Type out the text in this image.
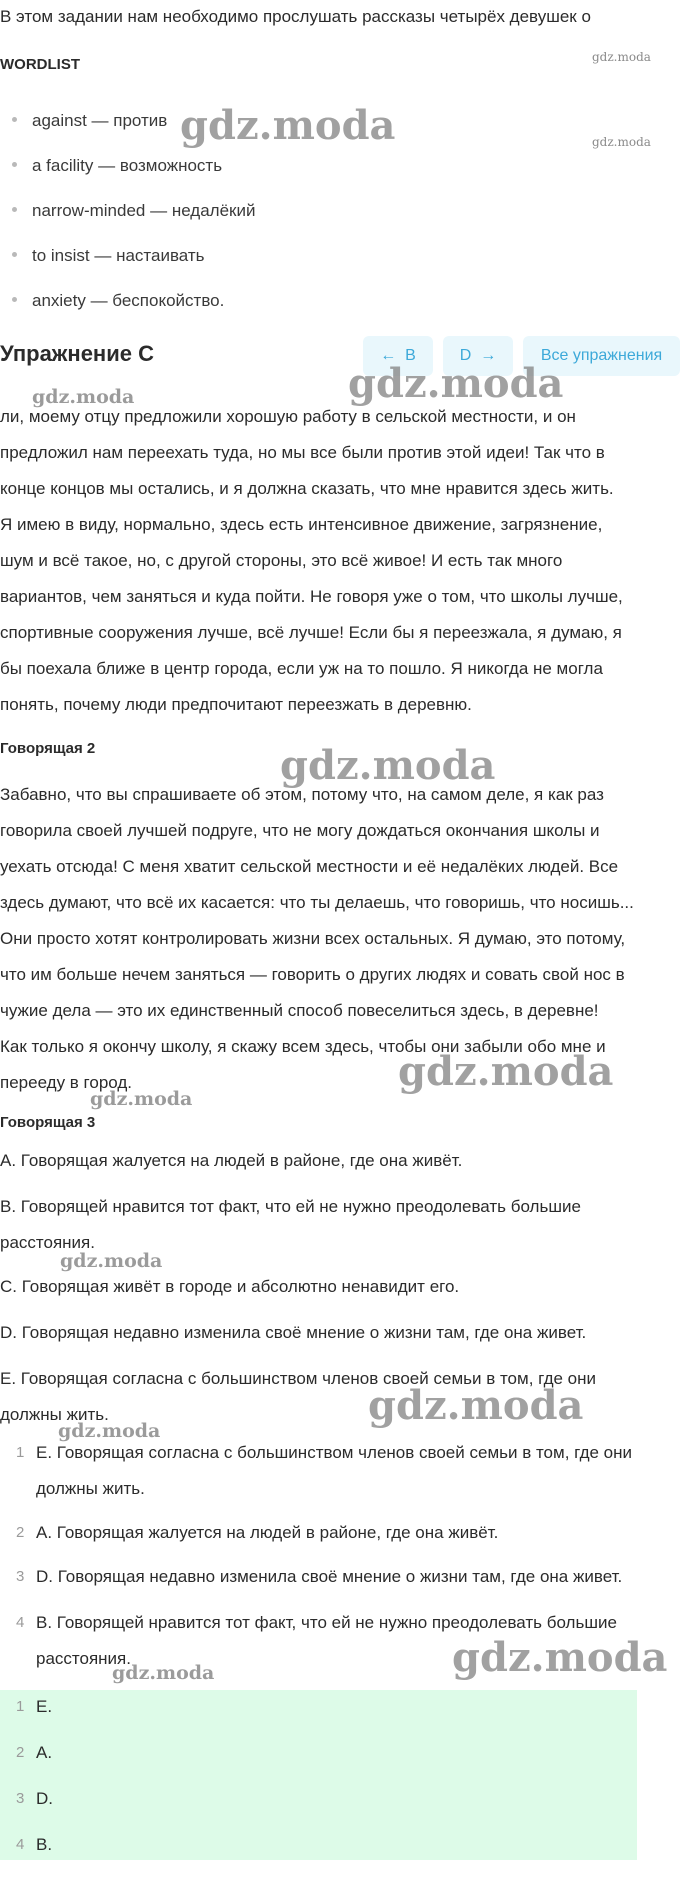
В этом задании нам необходимо прослушать рассказы четырёх девушек о
WORDLIST
against — против
a facility — возможность
narrow-minded — недалёкий
to insist — настаивать
anxiety — беспокойство.
Упражнение C	← B	D →	Все упражнения
ли, моему отцу предложили хорошую работу в сельской местности, и он
предложил нам переехать туда, но мы все были против этой идеи! Так что в
конце концов мы остались, и я должна сказать, что мне нравится здесь жить.
Я имею в виду, нормально, здесь есть интенсивное движение, загрязнение,
шум и всё такое, но, с другой стороны, это всё живое! И есть так много
вариантов, чем заняться и куда пойти. Не говоря уже о том, что школы лучше,
спортивные сооружения лучше, всё лучше! Если бы я переезжала, я думаю, я
бы поехала ближе в центр города, если уж на то пошло. Я никогда не могла
понять, почему люди предпочитают переезжать в деревню.
Говорящая 2
Забавно, что вы спрашиваете об этом, потому что, на самом деле, я как раз
говорила своей лучшей подруге, что не могу дождаться окончания школы и
уехать отсюда! С меня хватит сельской местности и её недалёких людей. Все
здесь думают, что всё их касается: что ты делаешь, что говоришь, что носишь...
Они просто хотят контролировать жизни всех остальных. Я думаю, это потому,
что им больше нечем заняться — говорить о других людях и совать свой нос в
чужие дела — это их единственный способ повеселиться здесь, в деревне!
Как только я окончу школу, я скажу всем здесь, чтобы они забыли обо мне и
перееду в город.
Говорящая 3
A. Говорящая жалуется на людей в районе, где она живёт.
B. Говорящей нравится тот факт, что ей не нужно преодолевать большие
расстояния.
C. Говорящая живёт в городе и абсолютно ненавидит его.
D. Говорящая недавно изменила своё мнение о жизни там, где она живет.
E. Говорящая согласна с большинством членов своей семьи в том, где они
должны жить.
1 E. Говорящая согласна с большинством членов своей семьи в том, где они
должны жить.
2 A. Говорящая жалуется на людей в районе, где она живёт.
3 D. Говорящая недавно изменила своё мнение о жизни там, где она живет.
4 B. Говорящей нравится тот факт, что ей не нужно преодолевать большие
расстояния.
1 E.
2 A.
3 D.
4 B.
gdz.moda
gdz.moda
gdz.moda
gdz.moda	gdz.moda
gdz.moda
gdz.moda
gdz.moda
gdz.moda
gdz.moda
gdz.moda
gdz.moda
gdz.moda
